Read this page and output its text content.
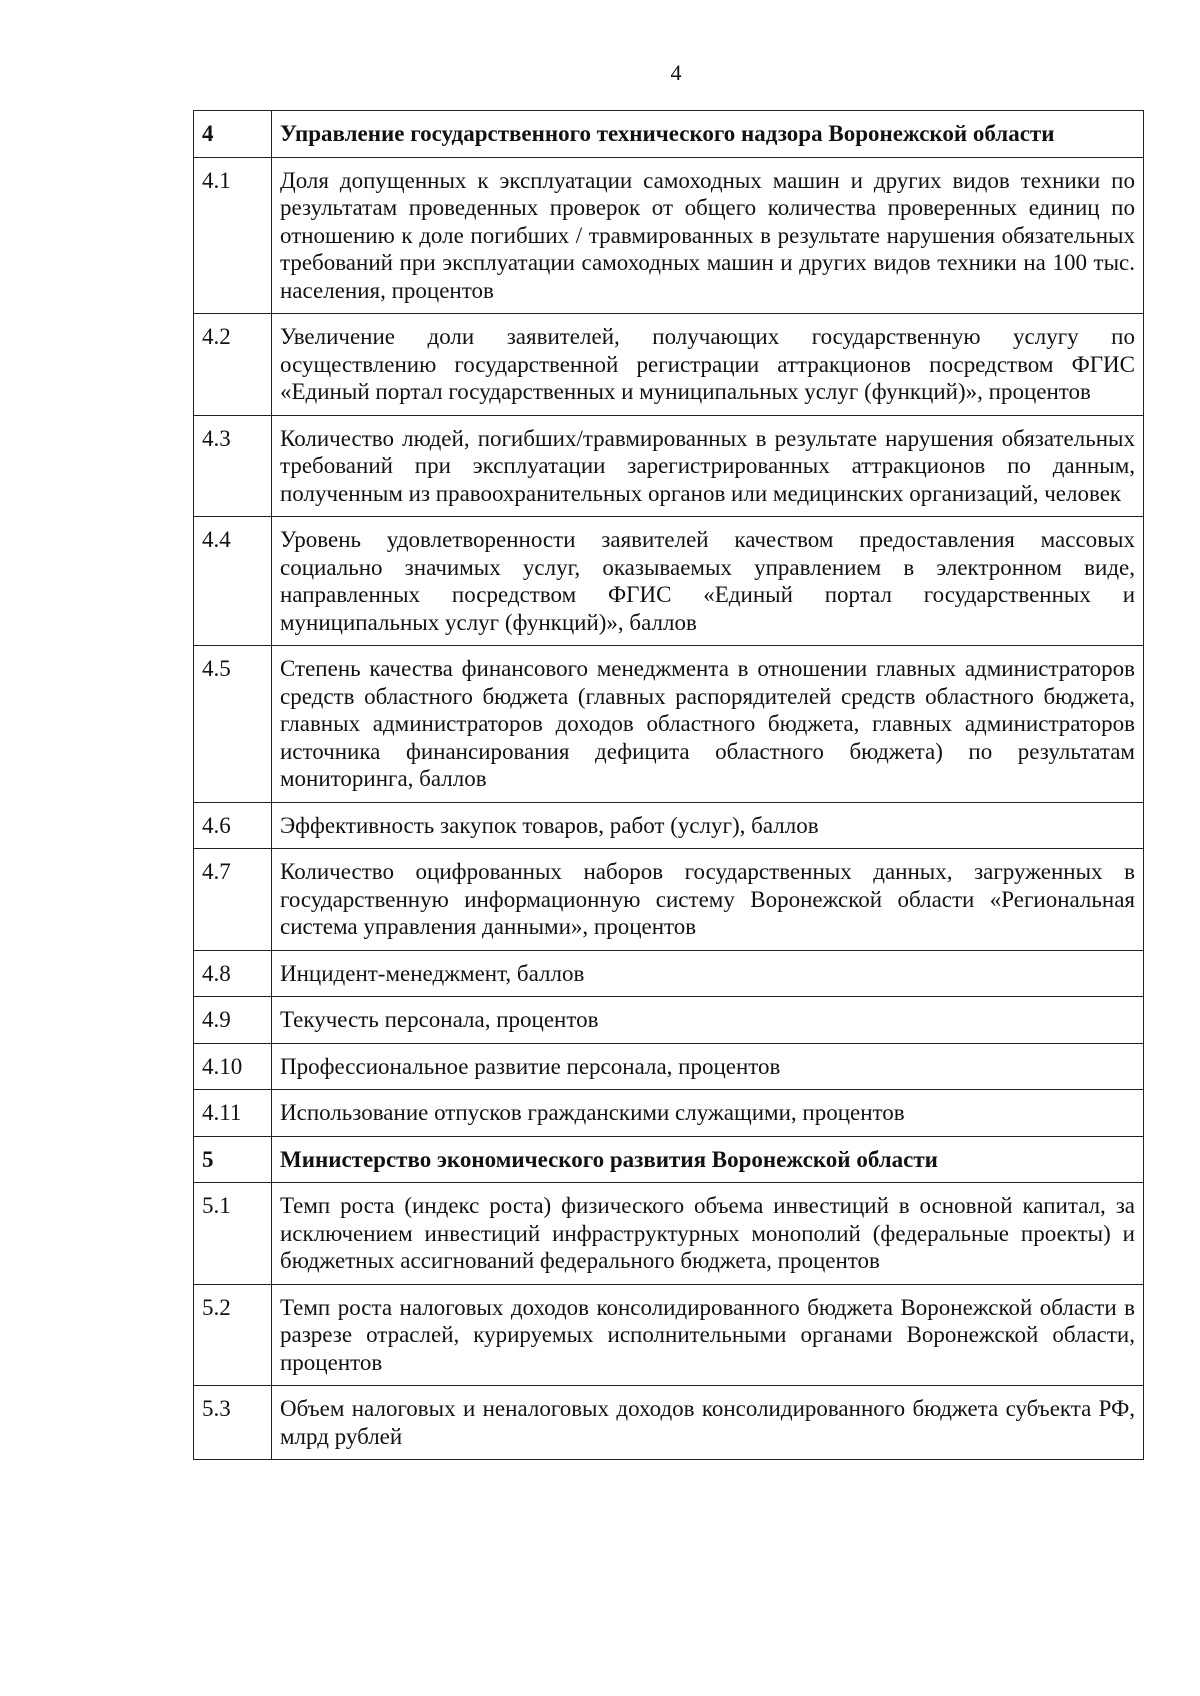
4
4	Управление государственного технического надзора Воронежской области
4.1	Доля допущенных к эксплуатации самоходных машин и других видов техники по результатам проведенных проверок от общего количества проверенных единиц по отношению к доле погибших / травмированных в результате нарушения обязательных требований при эксплуатации самоходных машин и других видов техники на 100 тыс. населения, процентов
4.2	Увеличение доли заявителей, получающих государственную услугу по осуществлению государственной регистрации аттракционов посредством ФГИС «Единый портал государственных и муниципальных услуг (функций)», процентов
4.3	Количество людей, погибших/травмированных в результате нарушения обязательных требований при эксплуатации зарегистрированных аттракционов по данным, полученным из правоохранительных органов или медицинских организаций, человек
4.4	Уровень удовлетворенности заявителей качеством предоставления массовых социально значимых услуг, оказываемых управлением в электронном виде, направленных посредством ФГИС «Единый портал государственных и муниципальных услуг (функций)», баллов
4.5	Степень качества финансового менеджмента в отношении главных администраторов средств областного бюджета (главных распорядителей средств областного бюджета, главных администраторов доходов областного бюджета, главных администраторов источника финансирования дефицита областного бюджета) по результатам мониторинга, баллов
4.6	Эффективность закупок товаров, работ (услуг), баллов
4.7	Количество оцифрованных наборов государственных данных, загруженных в государственную информационную систему Воронежской области «Региональная система управления данными», процентов
4.8	Инцидент-менеджмент, баллов
4.9	Текучесть персонала, процентов
4.10	Профессиональное развитие персонала, процентов
4.11	Использование отпусков гражданскими служащими, процентов
5	Министерство экономического развития Воронежской области
5.1	Темп роста (индекс роста) физического объема инвестиций в основной капитал, за исключением инвестиций инфраструктурных монополий (федеральные проекты) и бюджетных ассигнований федерального бюджета, процентов
5.2	Темп роста налоговых доходов консолидированного бюджета Воронежской области в разрезе отраслей, курируемых исполнительными органами Воронежской области, процентов
5.3	Объем налоговых и неналоговых доходов консолидированного бюджета субъекта РФ, млрд рублей
